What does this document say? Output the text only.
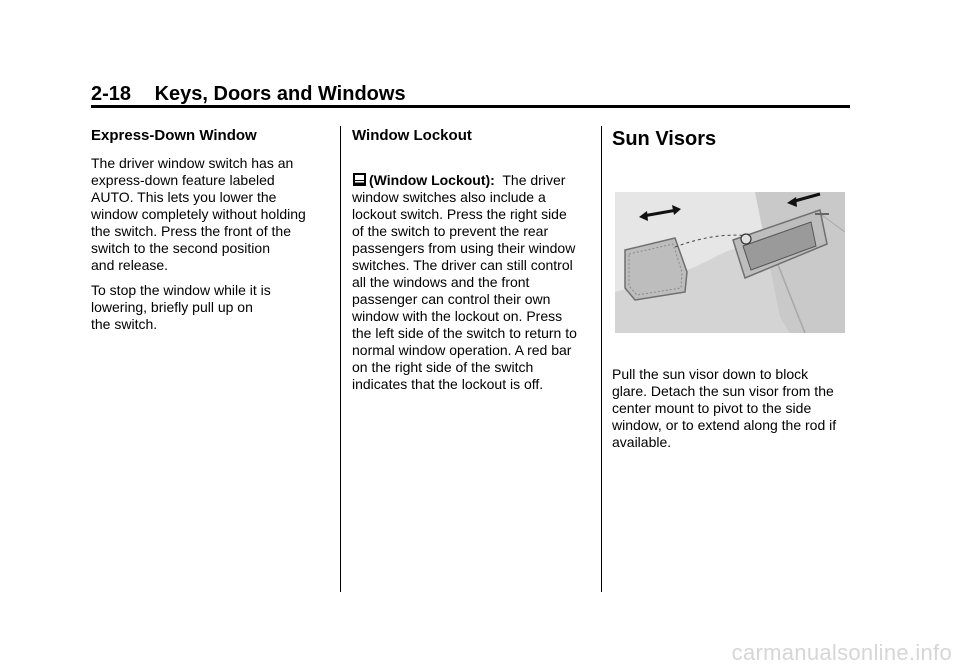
2-18 Keys, Doors and Windows
Express-Down Window

The driver window switch has an
express-down feature labeled
AUTO. This lets you lower the
window completely without holding
the switch. Press the front of the
switch to the second position
and release.

To stop the window while it is
lowering, briefly pull up on
the switch.

Window Lockout

(Window Lockout):  The driver

window switches also include a
lockout switch. Press the right side
of the switch to prevent the rear
passengers from using their window
switches. The driver can still control
all the windows and the front
passenger can control their own
window with the lockout on. Press
the left side of the switch to return to
normal window operation. A red bar
on the right side of the switch
indicates that the lockout is off.

Sun Visors

Pull the sun visor down to block
glare. Detach the sun visor from the
center mount to pivot to the side
window, or to extend along the rod if
available.

carmanualsonline.info
